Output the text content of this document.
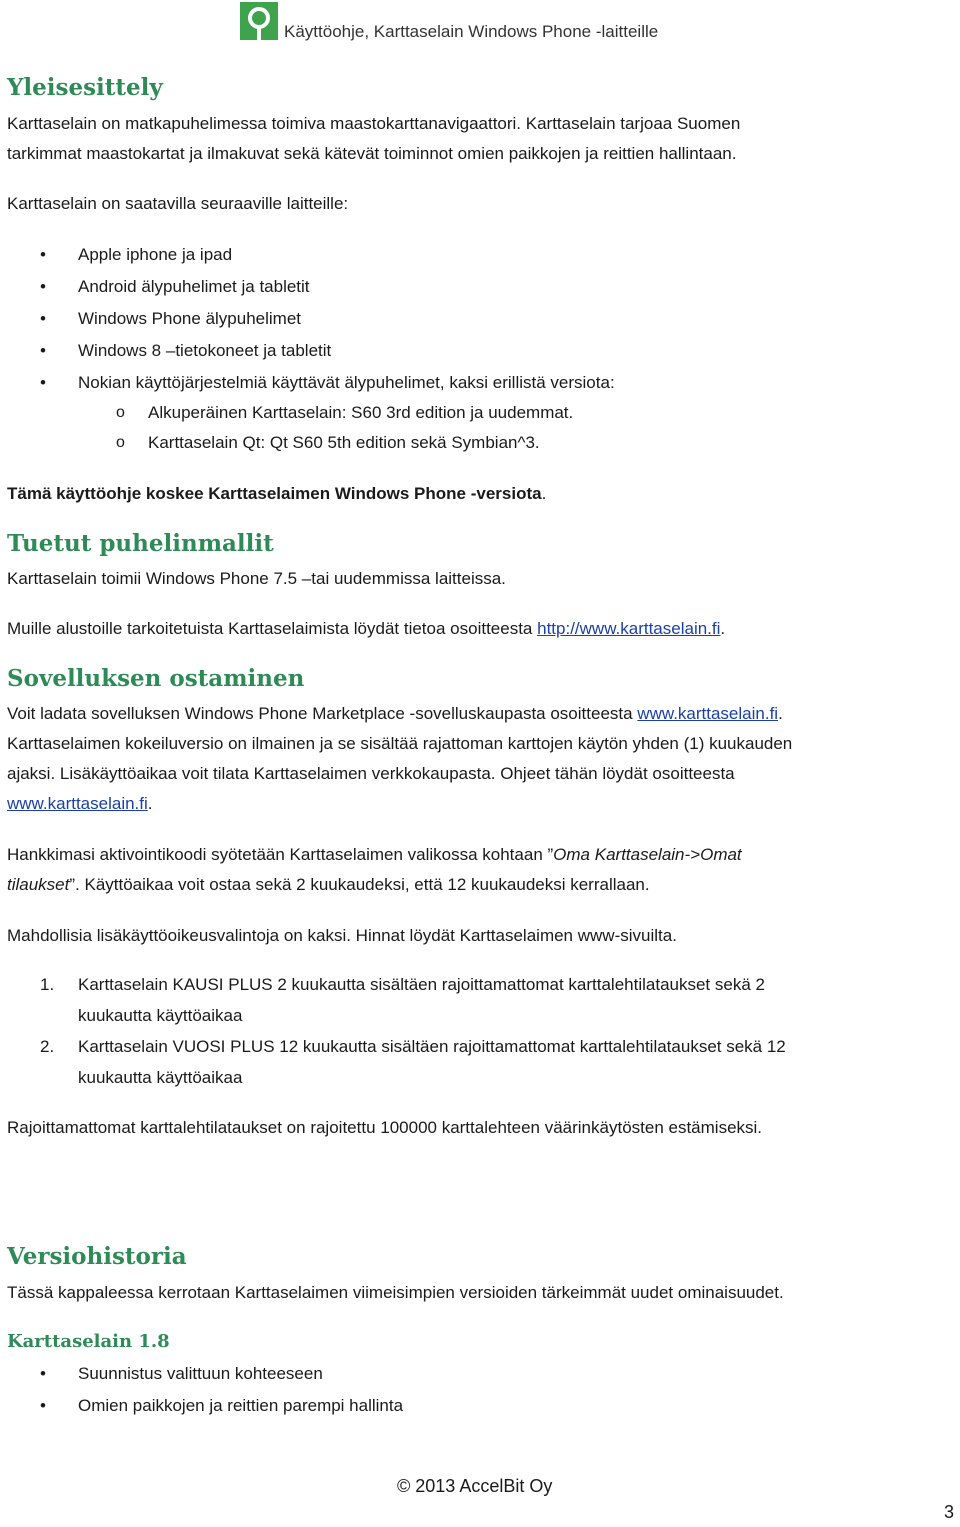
Käyttöohje, Karttaselain Windows Phone -laitteille
Yleisesittely

Karttaselain on matkapuhelimessa toimiva maastokarttanavigaattori. Karttaselain tarjoaa Suomen

tarkimmat maastokartat ja ilmakuvat sekä kätevät toiminnot omien paikkojen ja reittien hallintaan.

Karttaselain on saatavilla seuraaville laitteille:

• Apple iphone ja ipad
• Android älypuhelimet ja tabletit
• Windows Phone älypuhelimet
• Windows 8 –tietokoneet ja tabletit
• Nokian käyttöjärjestelmiä käyttävät älypuhelimet, kaksi erillistä versiota:
o Alkuperäinen Karttaselain: S60 3rd edition ja uudemmat.
o Karttaselain Qt: Qt S60 5th edition sekä Symbian^3.

Tämä käyttöohje koskee Karttaselaimen Windows Phone -versiota.

Tuetut puhelinmallit

Karttaselain toimii Windows Phone 7.5 –tai uudemmissa laitteissa.

Muille alustoille tarkoitetuista Karttaselaimista löydät tietoa osoitteesta http://www.karttaselain.fi.

Sovelluksen ostaminen

Voit ladata sovelluksen Windows Phone Marketplace -sovelluskaupasta osoitteesta www.karttaselain.fi.

Karttaselaimen kokeiluversio on ilmainen ja se sisältää rajattoman karttojen käytön yhden (1) kuukauden

ajaksi. Lisäkäyttöaikaa voit tilata Karttaselaimen verkkokaupasta. Ohjeet tähän löydät osoitteesta

www.karttaselain.fi.

Hankkimasi aktivointikoodi syötetään Karttaselaimen valikossa kohtaan ”Oma Karttaselain->Omat

tilaukset”. Käyttöaikaa voit ostaa sekä 2 kuukaudeksi, että 12 kuukaudeksi kerrallaan.

Mahdollisia lisäkäyttöoikeusvalintoja on kaksi. Hinnat löydät Karttaselaimen www-sivuilta.

1. Karttaselain KAUSI PLUS 2 kuukautta sisältäen rajoittamattomat karttalehtilataukset sekä 2
kuukautta käyttöaikaa
2. Karttaselain VUOSI PLUS 12 kuukautta sisältäen rajoittamattomat karttalehtilataukset sekä 12
kuukautta käyttöaikaa

Rajoittamattomat karttalehtilataukset on rajoitettu 100000 karttalehteen väärinkäytösten estämiseksi.

Versiohistoria

Tässä kappaleessa kerrotaan Karttaselaimen viimeisimpien versioiden tärkeimmät uudet ominaisuudet.

Karttaselain 1.8
• Suunnistus valittuun kohteeseen
• Omien paikkojen ja reittien parempi hallinta

© 2013 AccelBit Oy

3
